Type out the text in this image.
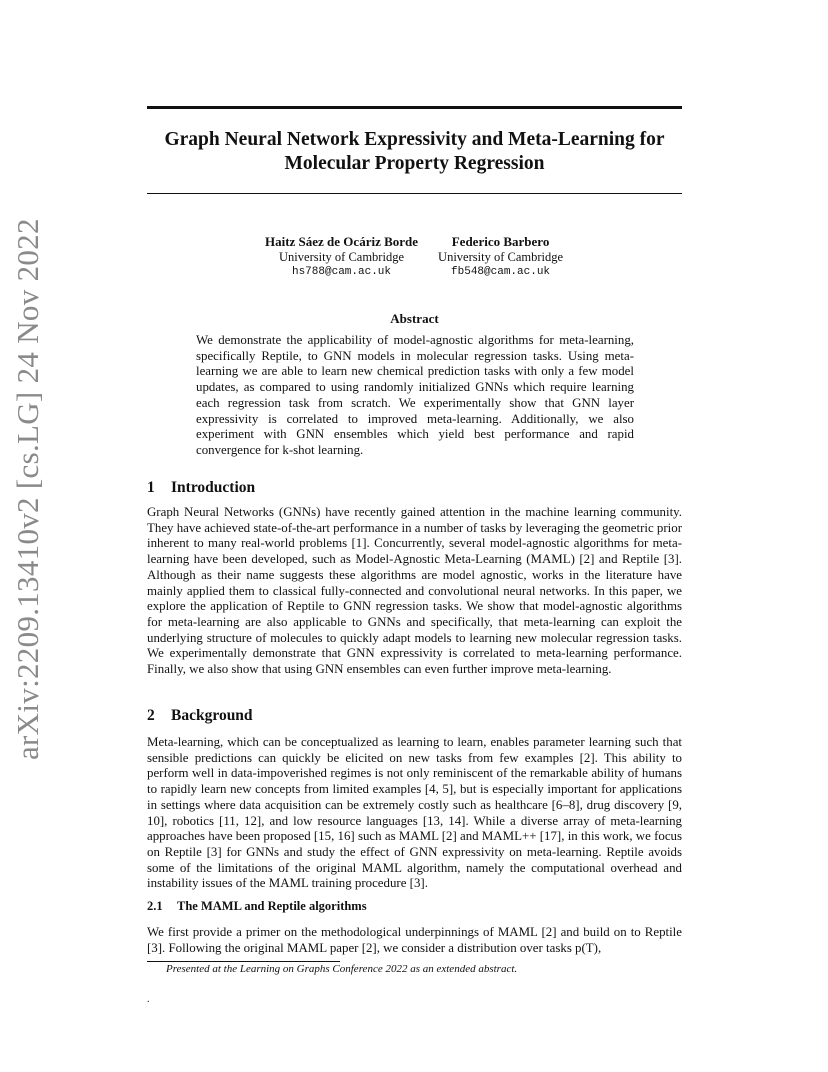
Graph Neural Network Expressivity and Meta-Learning for Molecular Property Regression
arXiv:2209.13410v2 [cs.LG] 24 Nov 2022	Haitz Sáez de Ocáriz Borde
University of Cambridge
hs788@cam.ac.uk
Federico Barbero
University of Cambridge
fb548@cam.ac.uk
Abstract
We demonstrate the applicability of model-agnostic algorithms for meta-learning, specifically Reptile, to GNN models in molecular regression tasks. Using meta-learning we are able to learn new chemical prediction tasks with only a few model updates, as compared to using randomly initialized GNNs which require learning each regression task from scratch. We experimentally show that GNN layer expressivity is correlated to improved meta-learning. Additionally, we also experiment with GNN ensembles which yield best performance and rapid convergence for k-shot learning.
1 Introduction

Graph Neural Networks (GNNs) have recently gained attention in the machine learning community. They have achieved state-of-the-art performance in a number of tasks by leveraging the geometric prior inherent to many real-world problems [1]. Concurrently, several model-agnostic algorithms for meta-learning have been developed, such as Model-Agnostic Meta-Learning (MAML) [2] and Reptile [3]. Although as their name suggests these algorithms are model agnostic, works in the literature have mainly applied them to classical fully-connected and convolutional neural networks. In this paper, we explore the application of Reptile to GNN regression tasks. We show that model-agnostic algorithms for meta-learning are also applicable to GNNs and specifically, that meta-learning can exploit the underlying structure of molecules to quickly adapt models to learning new molecular regression tasks. We experimentally demonstrate that GNN expressivity is correlated to meta-learning performance. Finally, we also show that using GNN ensembles can even further improve meta-learning.

2 Background

Meta-learning, which can be conceptualized as learning to learn, enables parameter learning such that sensible predictions can quickly be elicited on new tasks from few examples [2]. This ability to perform well in data-impoverished regimes is not only reminiscent of the remarkable ability of humans to rapidly learn new concepts from limited examples [4, 5], but is especially important for applications in settings where data acquisition can be extremely costly such as healthcare [6–8], drug discovery [9, 10], robotics [11, 12], and low resource languages [13, 14]. While a diverse array of meta-learning approaches have been proposed [15, 16] such as MAML [2] and MAML++ [17], in this work, we focus on Reptile [3] for GNNs and study the effect of GNN expressivity on meta-learning. Reptile avoids some of the limitations of the original MAML algorithm, namely the computational overhead and instability issues of the MAML training procedure [3].

2.1 The MAML and Reptile algorithms

We first provide a primer on the methodological underpinnings of MAML [2] and build on to Reptile [3]. Following the original MAML paper [2], we consider a distribution over tasks p(T),

Presented at the Learning on Graphs Conference 2022 as an extended abstract.
.
